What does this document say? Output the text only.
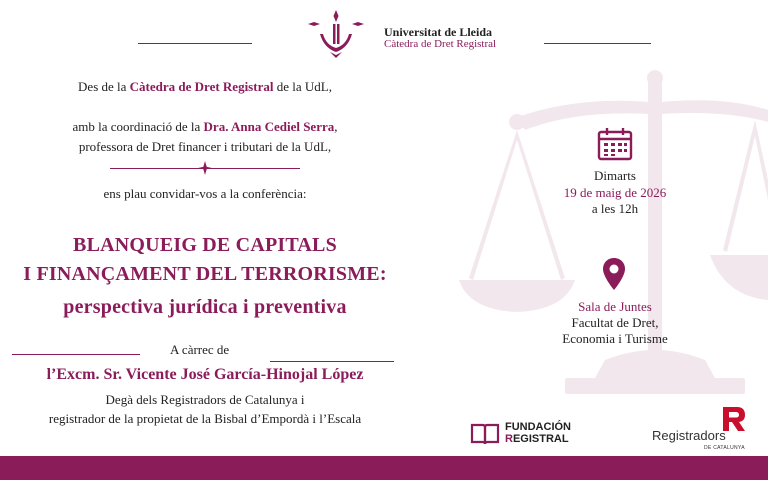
Universitat de Lleida
Càtedra de Dret Registral
Des de la Càtedra de Dret Registral de la UdL,
amb la coordinació de la Dra. Anna Cediel Serra,
professora de Dret financer i tributari de la UdL,
ens plau convidar-vos a la conferència:
BLANQUEIG DE CAPITALS
I FINANÇAMENT DEL TERRORISME:
perspectiva jurídica i preventiva
A càrrec de
l’Excm. Sr. Vicente José García-Hinojal López
Degà dels Registradors de Catalunya i
registrador de la propietat de la Bisbal d’Empordà i l’Escala
Dimarts
19 de maig de 2026
a les 12h
Sala de Juntes
Facultat de Dret,
Economia i Turisme
FUNDACIÓN
REGISTRAL	Registradors
DE CATALUNYA
